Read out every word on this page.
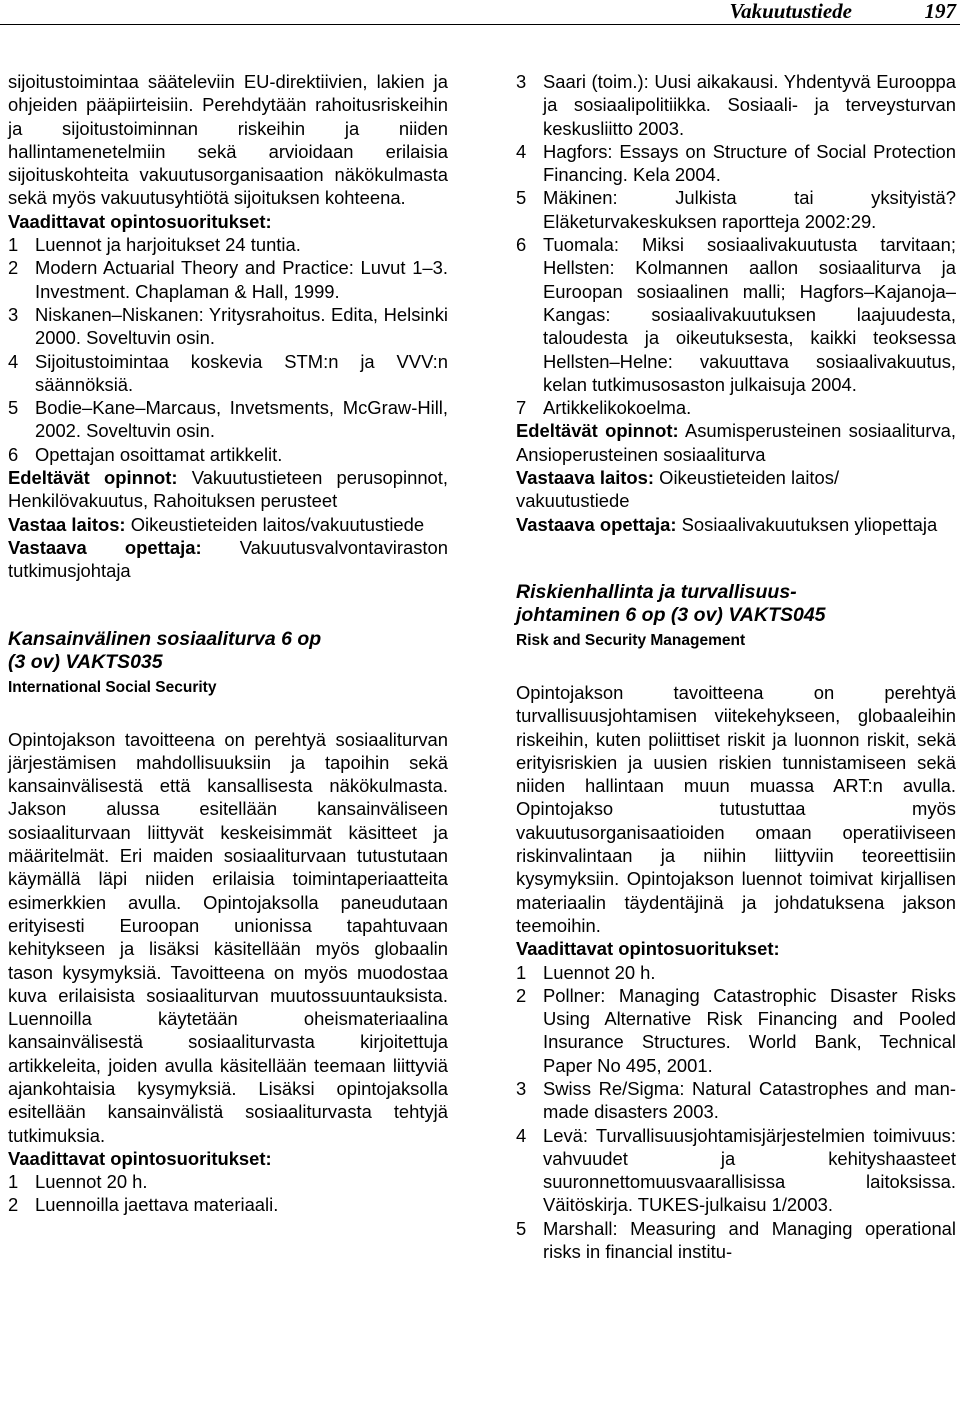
Vakuutustiede	197

sijoitustoimintaa sääteleviin EU-direktiivien, lakien ja ohjeiden pääpiirteisiin. Perehdytään rahoitusriskeihin ja sijoitustoiminnan riskeihin ja niiden hallintamenetelmiin sekä arvioidaan erilaisia sijoituskohteita vakuutusorganisaation näkökulmasta sekä myös vakuutusyhtiötä sijoituksen kohteena.

Vaadittavat opintosuoritukset:

1 Luennot ja harjoitukset 24 tuntia.
2 Modern Actuarial Theory and Practice: Luvut 1–3. Investment. Chaplaman & Hall, 1999.
3 Niskanen–Niskanen: Yritysrahoitus. Edita, Helsinki 2000. Soveltuvin osin.
4 Sijoitustoimintaa koskevia STM:n ja VVV:n säännöksiä.
5 Bodie–Kane–Marcaus, Invetsments, McGraw-Hill, 2002. Soveltuvin osin.
6 Opettajan osoittamat artikkelit.

Edeltävät opinnot: Vakuutustieteen perusopinnot, Henkilövakuutus, Rahoituksen perusteet

Vastaa laitos: Oikeustieteiden laitos/vakuutustiede

Vastaava opettaja: Vakuutusvalvontaviraston tutkimusjohtaja

Kansainvälinen sosiaaliturva 6 op
(3 ov) VAKTS035

International Social Security

Opintojakson tavoitteena on perehtyä sosiaaliturvan järjestämisen mahdollisuuksiin ja tapoihin sekä kansainvälisestä että kansallisesta näkökulmasta. Jakson alussa esitellään kansainväliseen sosiaaliturvaan liittyvät keskeisimmät käsitteet ja määritelmät. Eri maiden sosiaaliturvaan tutustutaan käymällä läpi niiden erilaisia toimintaperiaatteita esimerkkien avulla. Opintojaksolla paneudutaan erityisesti Euroopan unionissa tapahtuvaan kehitykseen ja lisäksi käsitellään myös globaalin tason kysymyksiä. Tavoitteena on myös muodostaa kuva erilaisista sosiaaliturvan muutossuuntauksista. Luennoilla käytetään oheismateriaalina kansainvälisestä sosiaaliturvasta kirjoitettuja artikkeleita, joiden avulla käsitellään teemaan liittyviä ajankohtaisia kysymyksiä. Lisäksi opintojaksolla esitellään kansainvälistä sosiaaliturvasta tehtyjä tutkimuksia.

Vaadittavat opintosuoritukset:

1 Luennot 20 h.
2 Luennoilla jaettava materiaali.
3 Saari (toim.): Uusi aikakausi. Yhdentyvä Eurooppa ja sosiaalipolitiikka. Sosiaali- ja terveysturvan keskusliitto 2003.
4 Hagfors: Essays on Structure of Social Protection Financing. Kela 2004.
5 Mäkinen: Julkista tai yksityistä? Eläketurvakeskuksen raportteja 2002:29.
6 Tuomala: Miksi sosiaalivakuutusta tarvitaan; Hellsten: Kolmannen aallon sosiaaliturva ja Euroopan sosiaalinen malli; Hagfors–Kajanoja–Kangas: sosiaalivakuutuksen laajuudesta, taloudesta ja oikeutuksesta, kaikki teoksessa Hellsten–Helne: vakuuttava sosiaalivakuutus, kelan tutkimusosaston julkaisuja 2004.
7 Artikkelikokoelma.

Edeltävät opinnot: Asumisperusteinen sosiaaliturva, Ansioperusteinen sosiaaliturva

Vastaava laitos: Oikeustieteiden laitos/ vakuutustiede

Vastaava opettaja: Sosiaalivakuutuksen yliopettaja

Riskienhallinta ja turvallisuus-
johtaminen 6 op (3 ov) VAKTS045

Risk and Security Management

Opintojakson tavoitteena on perehtyä turvallisuusjohtamisen viitekehykseen, globaaleihin riskeihin, kuten poliittiset riskit ja luonnon riskit, sekä erityisriskien ja uusien riskien tunnistamiseen sekä niiden hallintaan muun muassa ART:n avulla. Opintojakso tutustuttaa myös vakuutusorganisaatioiden omaan operatiiviseen riskinvalintaan ja niihin liittyviin teoreettisiin kysymyksiin. Opintojakson luennot toimivat kirjallisen materiaalin täydentäjinä ja johdatuksena jakson teemoihin.

Vaadittavat opintosuoritukset:

1 Luennot 20 h.
2 Pollner: Managing Catastrophic Disaster Risks Using Alternative Risk Financing and Pooled Insurance Structures. World Bank, Technical Paper No 495, 2001.
3 Swiss Re/Sigma: Natural Catastrophes and man-made disasters 2003.
4 Levä: Turvallisuusjohtamisjärjestelmien toimivuus: vahvuudet ja kehityshaasteet suuronnettomuusvaarallisissa laitoksissa. Väitöskirja. TUKES-julkaisu 1/2003.
5 Marshall: Measuring and Managing operational risks in financial institu-
